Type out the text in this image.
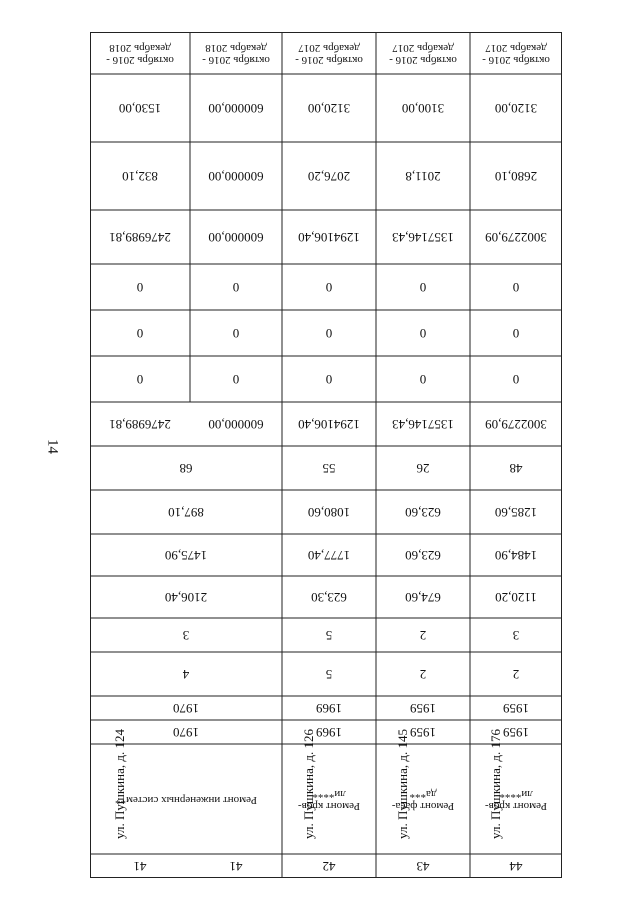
14
октябрь 2016 - декабрь 2018
1530,00
832,10
2476989,81
0
0
0
2476989,81
68
897,10
1475,90
2106,40
3
4
1970
1970
Ремонт инженерных систем**
41
ул. Пушкина, д. 124
октябрь 2016 - декабрь 2018
600000,00
600000,00
600000,00
0
0
0
600000,00
41
октябрь 2016 - декабрь 2017
3120,00
2076,20
1294106,40
0
0
0
1294106,40
55
1080,60
1777,40
623,30
5
5
1969
1969
Ремонт кров-ли****
42
ул. Пушкина, д. 126
октябрь 2016 - декабрь 2017
3100,00
2011,8
1357146,43
0
0
0
1357146,43
26
623,60
623,60
674,60
2
2
1959
1959
Ремонт фаса-да***
43
ул. Пушкина, д. 145
октябрь 2016 - декабрь 2017
3120,00
2680,10
3002279,09
0
0
0
3002279,09
48
1285,60
1484,90
1120,20
3
2
1959
1959
Ремонт кров-ли****
44
ул. Пушкина, д. 176
